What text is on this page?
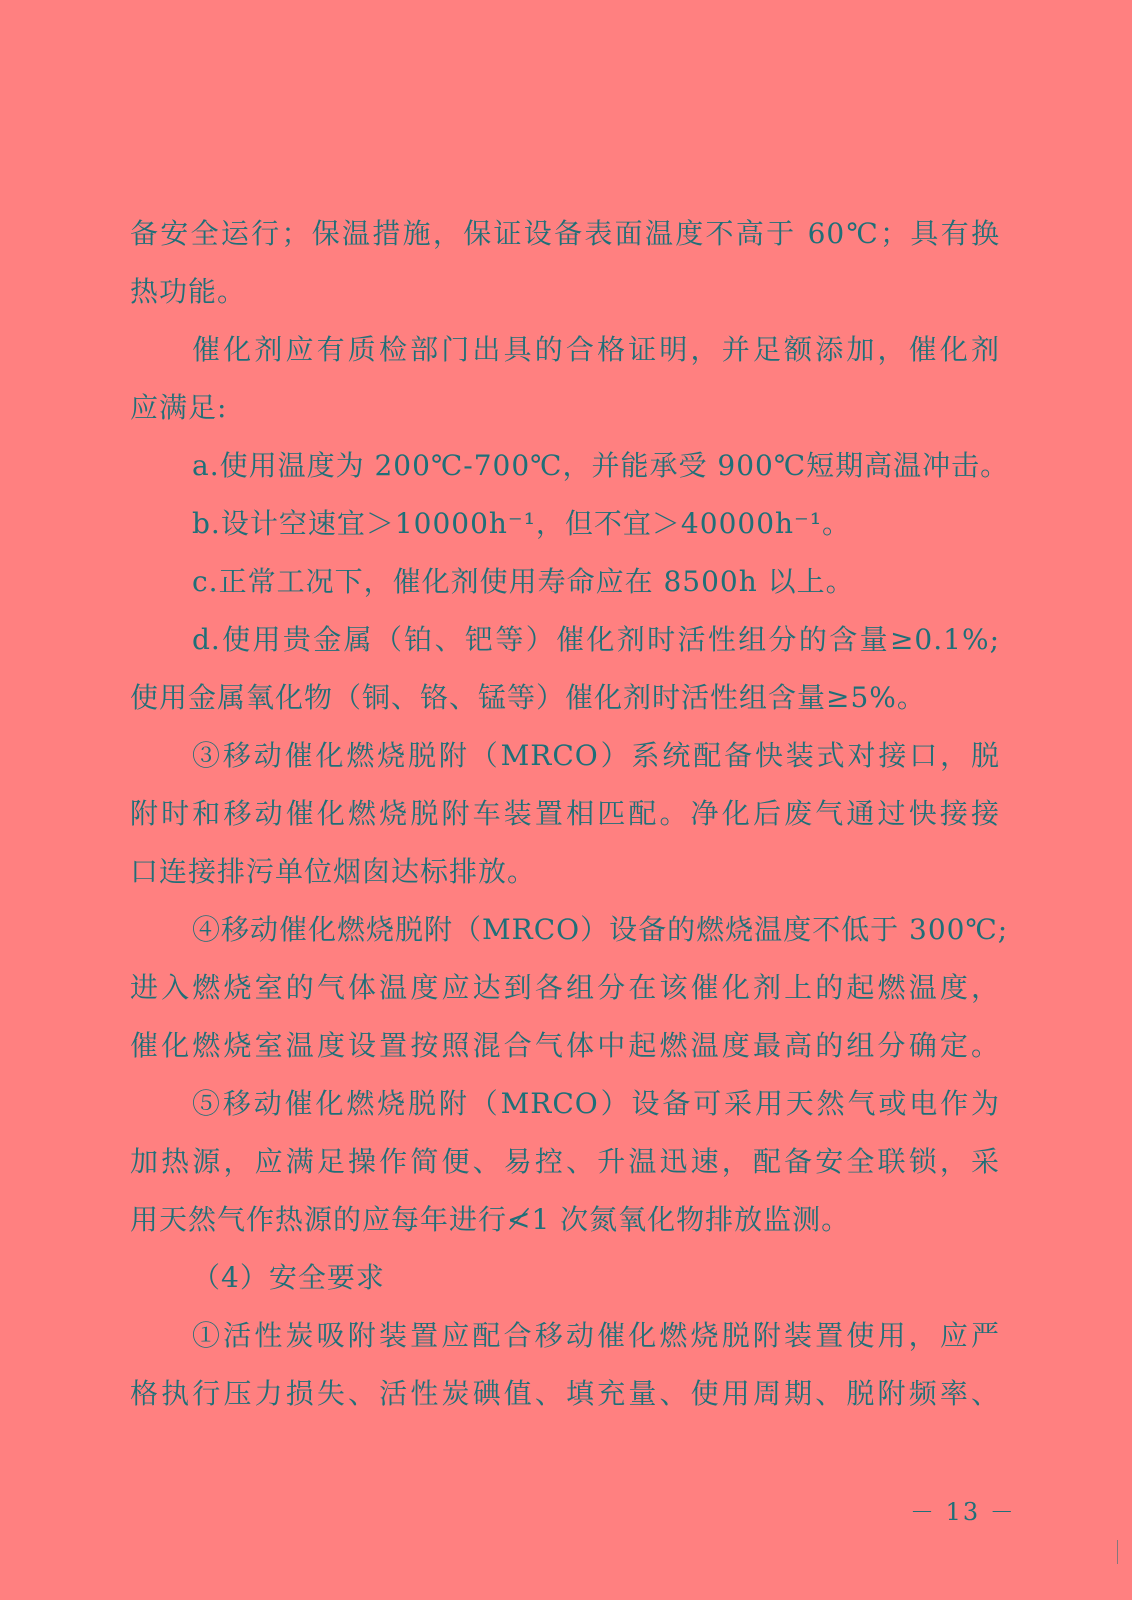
备安全运行；保温措施，保证设备表面温度不高于 60℃；具有换
热功能。
催化剂应有质检部门出具的合格证明，并足额添加，催化剂
应满足:
a.使用温度为 200℃-700℃，并能承受 900℃短期高温冲击。
b.设计空速宜＞10000h⁻¹，但不宜＞40000h⁻¹。
c.正常工况下，催化剂使用寿命应在 8500h 以上。
d.使用贵金属（铂、钯等）催化剂时活性组分的含量≥0.1%;
使用金属氧化物（铜、铬、锰等）催化剂时活性组含量≥5%。
③移动催化燃烧脱附（MRCO）系统配备快装式对接口，脱
附时和移动催化燃烧脱附车装置相匹配。净化后废气通过快接接
口连接排污单位烟囱达标排放。
④移动催化燃烧脱附（MRCO）设备的燃烧温度不低于 300℃;
进入燃烧室的气体温度应达到各组分在该催化剂上的起燃温度，
催化燃烧室温度设置按照混合气体中起燃温度最高的组分确定。
⑤移动催化燃烧脱附（MRCO）设备可采用天然气或电作为
加热源，应满足操作简便、易控、升温迅速，配备安全联锁，采
用天然气作热源的应每年进行≮1 次氮氧化物排放监测。
（4）安全要求
①活性炭吸附装置应配合移动催化燃烧脱附装置使用，应严
格执行压力损失、活性炭碘值、填充量、使用周期、脱附频率、
－ 13 －
